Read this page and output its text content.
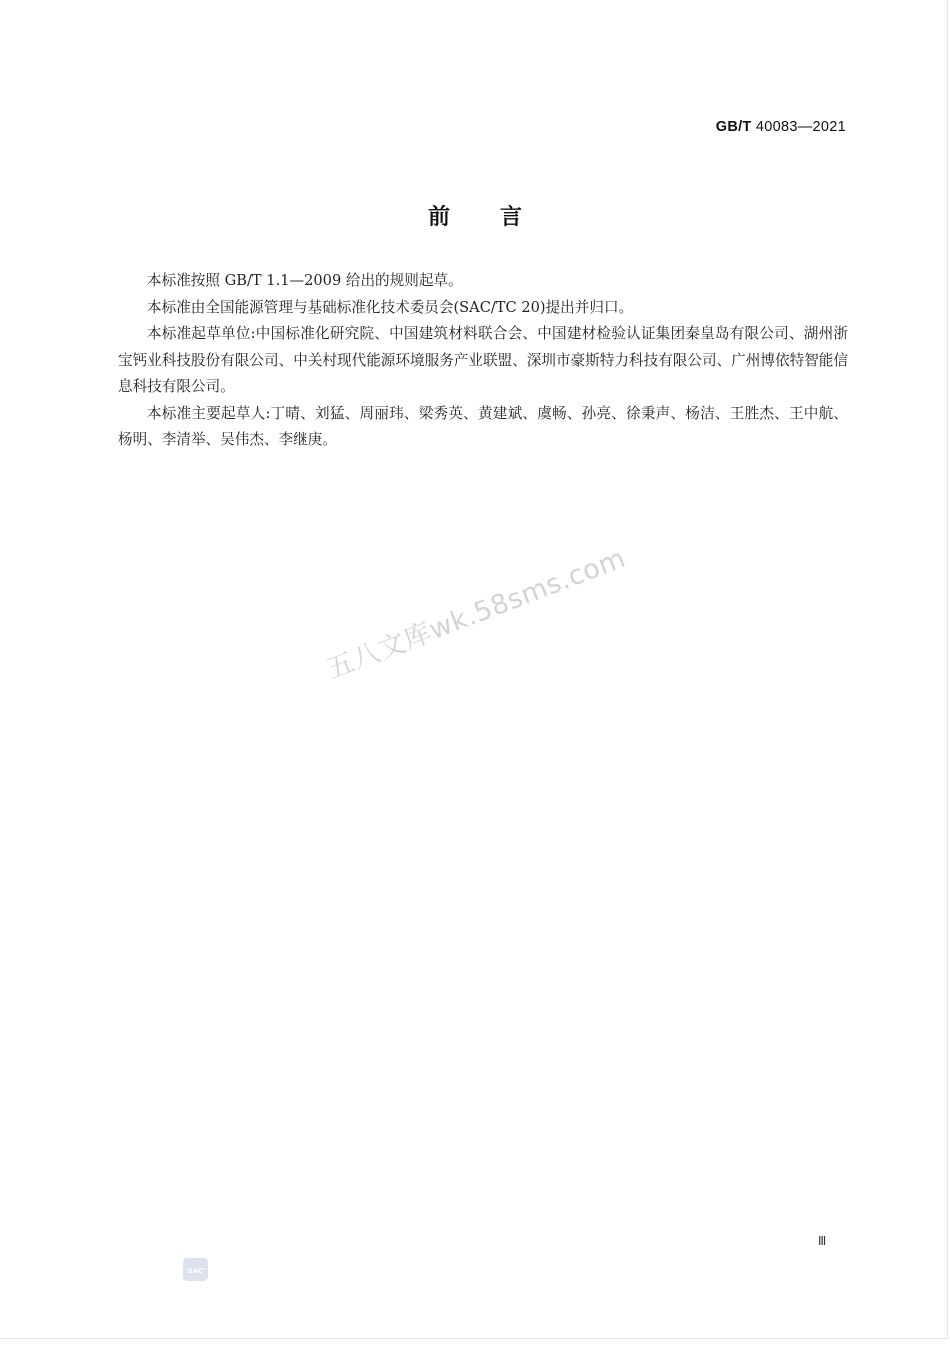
GB/T 40083—2021
前言

本标准按照 GB/T 1.1—2009 给出的规则起草。

本标准由全国能源管理与基础标准化技术委员会(SAC/TC 20)提出并归口。

本标准起草单位:中国标准化研究院、中国建筑材料联合会、中国建材检验认证集团秦皇岛有限公司、湖州浙宝钙业科技股份有限公司、中关村现代能源环境服务产业联盟、深圳市豪斯特力科技有限公司、广州博依特智能信息科技有限公司。

本标准主要起草人:丁晴、刘猛、周丽玮、梁秀英、黄建斌、虞畅、孙亮、徐秉声、杨洁、王胜杰、王中航、杨明、李清举、吴伟杰、李继庚。

五八文库wk.58sms.com
Ⅲ
SAC
